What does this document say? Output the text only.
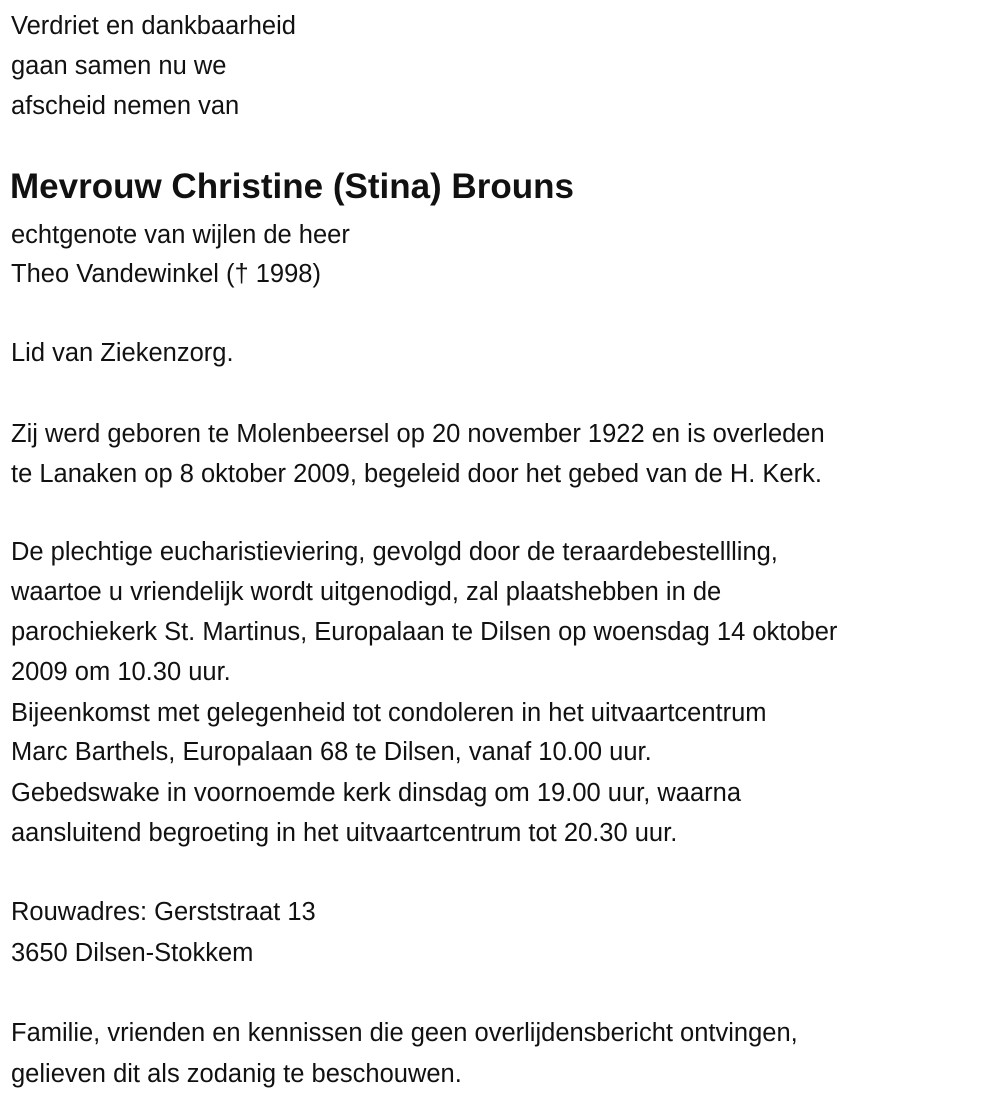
Verdriet en dankbaarheid
gaan samen nu we
afscheid nemen van
Mevrouw Christine (Stina) Brouns
echtgenote van wijlen de heer
Theo Vandewinkel († 1998)
Lid van Ziekenzorg.
Zij werd geboren te Molenbeersel op 20 november 1922 en is overleden
te Lanaken op 8 oktober 2009, begeleid door het gebed van de H. Kerk.
De plechtige eucharistieviering, gevolgd door de teraardebestellling,
waartoe u vriendelijk wordt uitgenodigd, zal plaatshebben in de
parochiekerk St. Martinus, Europalaan te Dilsen op woensdag 14 oktober
2009 om 10.30 uur.
Bijeenkomst met gelegenheid tot condoleren in het uitvaartcentrum
Marc Barthels, Europalaan 68 te Dilsen, vanaf 10.00 uur.
Gebedswake in voornoemde kerk dinsdag om 19.00 uur, waarna
aansluitend begroeting in het uitvaartcentrum tot 20.30 uur.
Rouwadres: Gerststraat 13
3650 Dilsen-Stokkem
Familie, vrienden en kennissen die geen overlijdensbericht ontvingen,
gelieven dit als zodanig te beschouwen.
